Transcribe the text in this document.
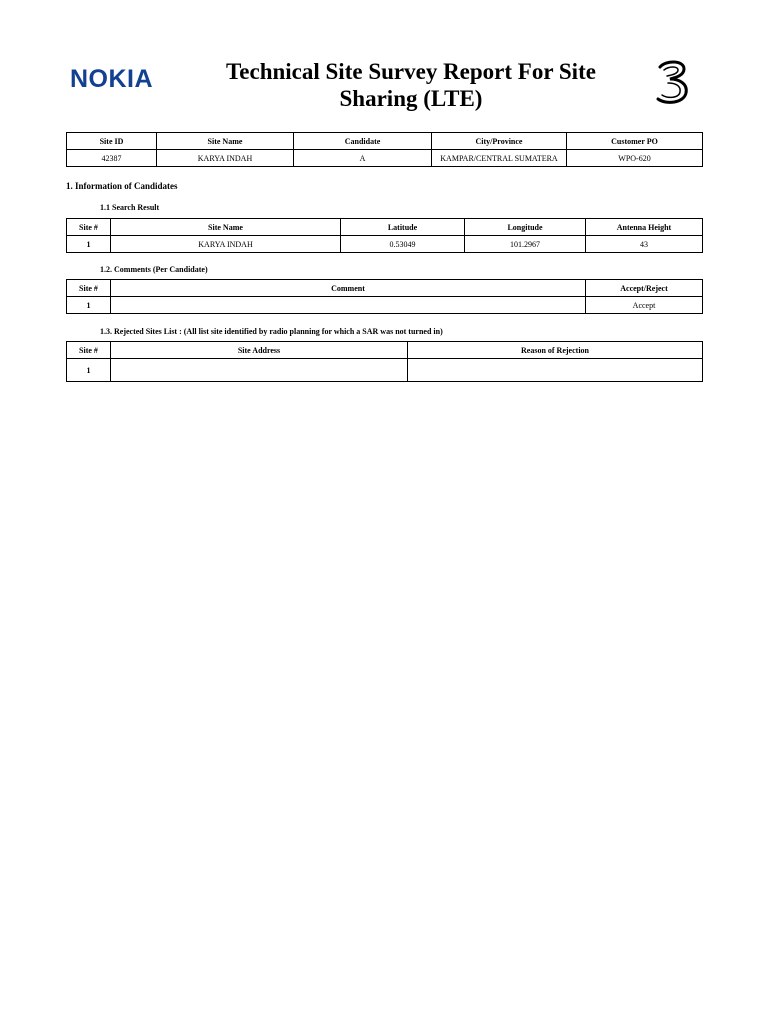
NOKIA	Technical Site Survey Report For Site Sharing (LTE)
Site ID	Site Name	Candidate	City/Province	Customer PO
42387	KARYA INDAH	A	KAMPAR/CENTRAL SUMATERA	WPO-620
1. Information of Candidates
1.1 Search Result
Site #	Site Name	Latitude	Longitude	Antenna Height
1	KARYA INDAH	0.53049	101.2967	43
1.2. Comments (Per Candidate)
Site #	Comment	Accept/Reject
1		Accept
1.3. Rejected Sites List : (All list site identified by radio planning for which a SAR was not turned in)
Site #	Site Address	Reason of Rejection
1		
